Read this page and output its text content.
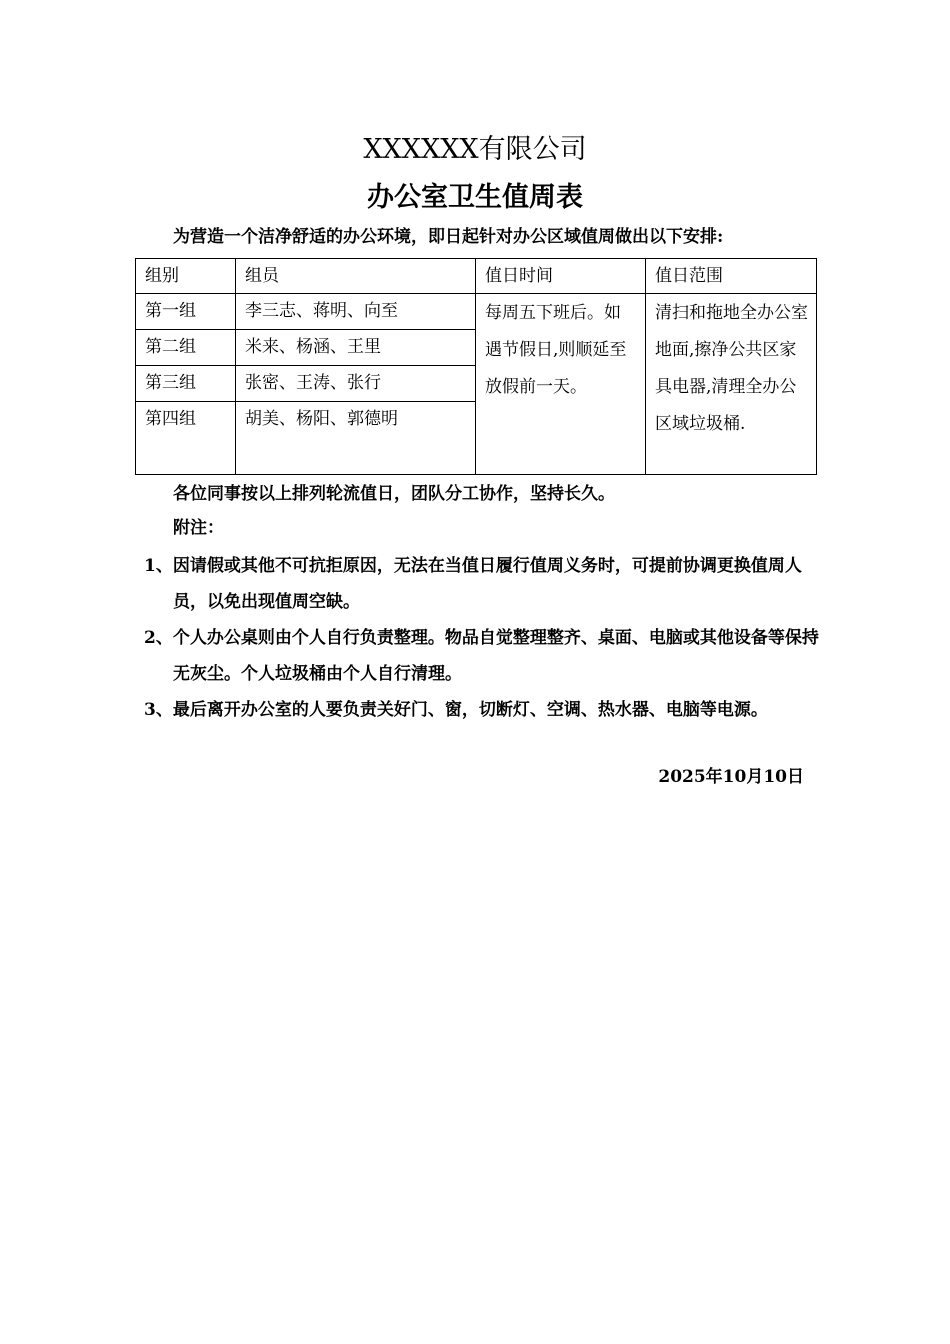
XXXXXX有限公司
办公室卫生值周表
为营造一个洁净舒适的办公环境，即日起针对办公区域值周做出以下安排:
组别	组员	值日时间	值日范围
第一组	李三志、蒋明、向至	每周五下班后。如遇节假日,则顺延至放假前一天。	清扫和拖地全办公室地面,擦净公共区家具电器,清理全办公区域垃圾桶.
第二组	米来、杨涵、王里		
第三组	张密、王涛、张行		
第四组	胡美、杨阳、郭德明		
各位同事按以上排列轮流值日，团队分工协作，坚持长久。
附注：
1、因请假或其他不可抗拒原因，无法在当值日履行值周义务时，可提前协调更换值周人员，以免出现值周空缺。
2、个人办公桌则由个人自行负责整理。物品自觉整理整齐、桌面、电脑或其他设备等保持无灰尘。个人垃圾桶由个人自行清理。
3、最后离开办公室的人要负责关好门、窗，切断灯、空调、热水器、电脑等电源。
2025年10月10日
